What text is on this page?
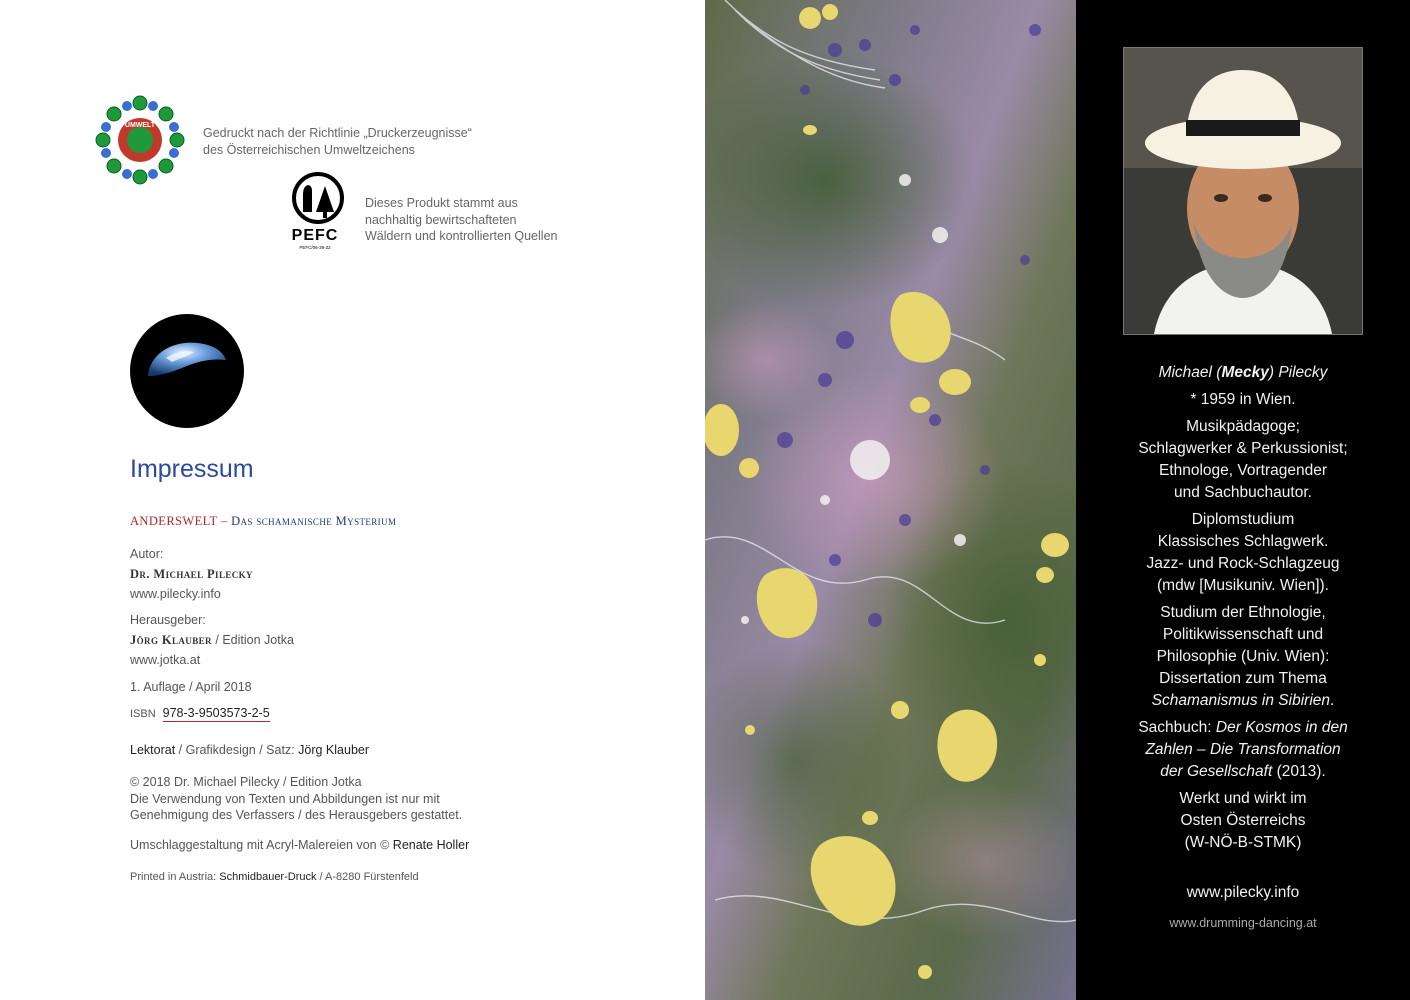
UMWELT
Gedruckt nach der Richtlinie „Druckerzeugnisse“
des Österreichischen Umweltzeichens
PEFC
PEFC/06-39-22
Dieses Produkt stammt aus
nachhaltig bewirtschafteten
Wäldern und kontrollierten Quellen
Impressum
ANDERSWELT – Das schamanische Mysterium
Autor:
Dr. Michael Pilecky
www.pilecky.info
Herausgeber:
Jörg Klauber / Edition Jotka
www.jotka.at
1. Auflage / April 2018
ISBN 978-3-9503573-2-5
Lektorat / Grafikdesign / Satz: Jörg Klauber
© 2018 Dr. Michael Pilecky / Edition Jotka
Die Verwendung von Texten und Abbildungen ist nur mit
Genehmigung des Verfassers / des Herausgebers gestattet.
Umschlaggestaltung mit Acryl-Malereien von © Renate Holler
Printed in Austria: Schmidbauer-Druck / A-8280 Fürstenfeld

Michael (Mecky) Pilecky

* 1959 in Wien.

Musikpädagoge;
Schlagwerker & Perkussionist;
Ethnologe, Vortragender
und Sachbuchautor.

Diplomstudium
Klassisches Schlagwerk.
Jazz- und Rock-Schlagzeug
(mdw [Musikuniv. Wien]).

Studium der Ethnologie,
Politikwissenschaft und
Philosophie (Univ. Wien):
Dissertation zum Thema
Schamanismus in Sibirien.

Sachbuch: Der Kosmos in den
Zahlen – Die Transformation
der Gesellschaft (2013).

Werkt und wirkt im
Osten Österreichs
(W-NÖ-B-STMK)

www.pilecky.info
www.drumming-dancing.at
